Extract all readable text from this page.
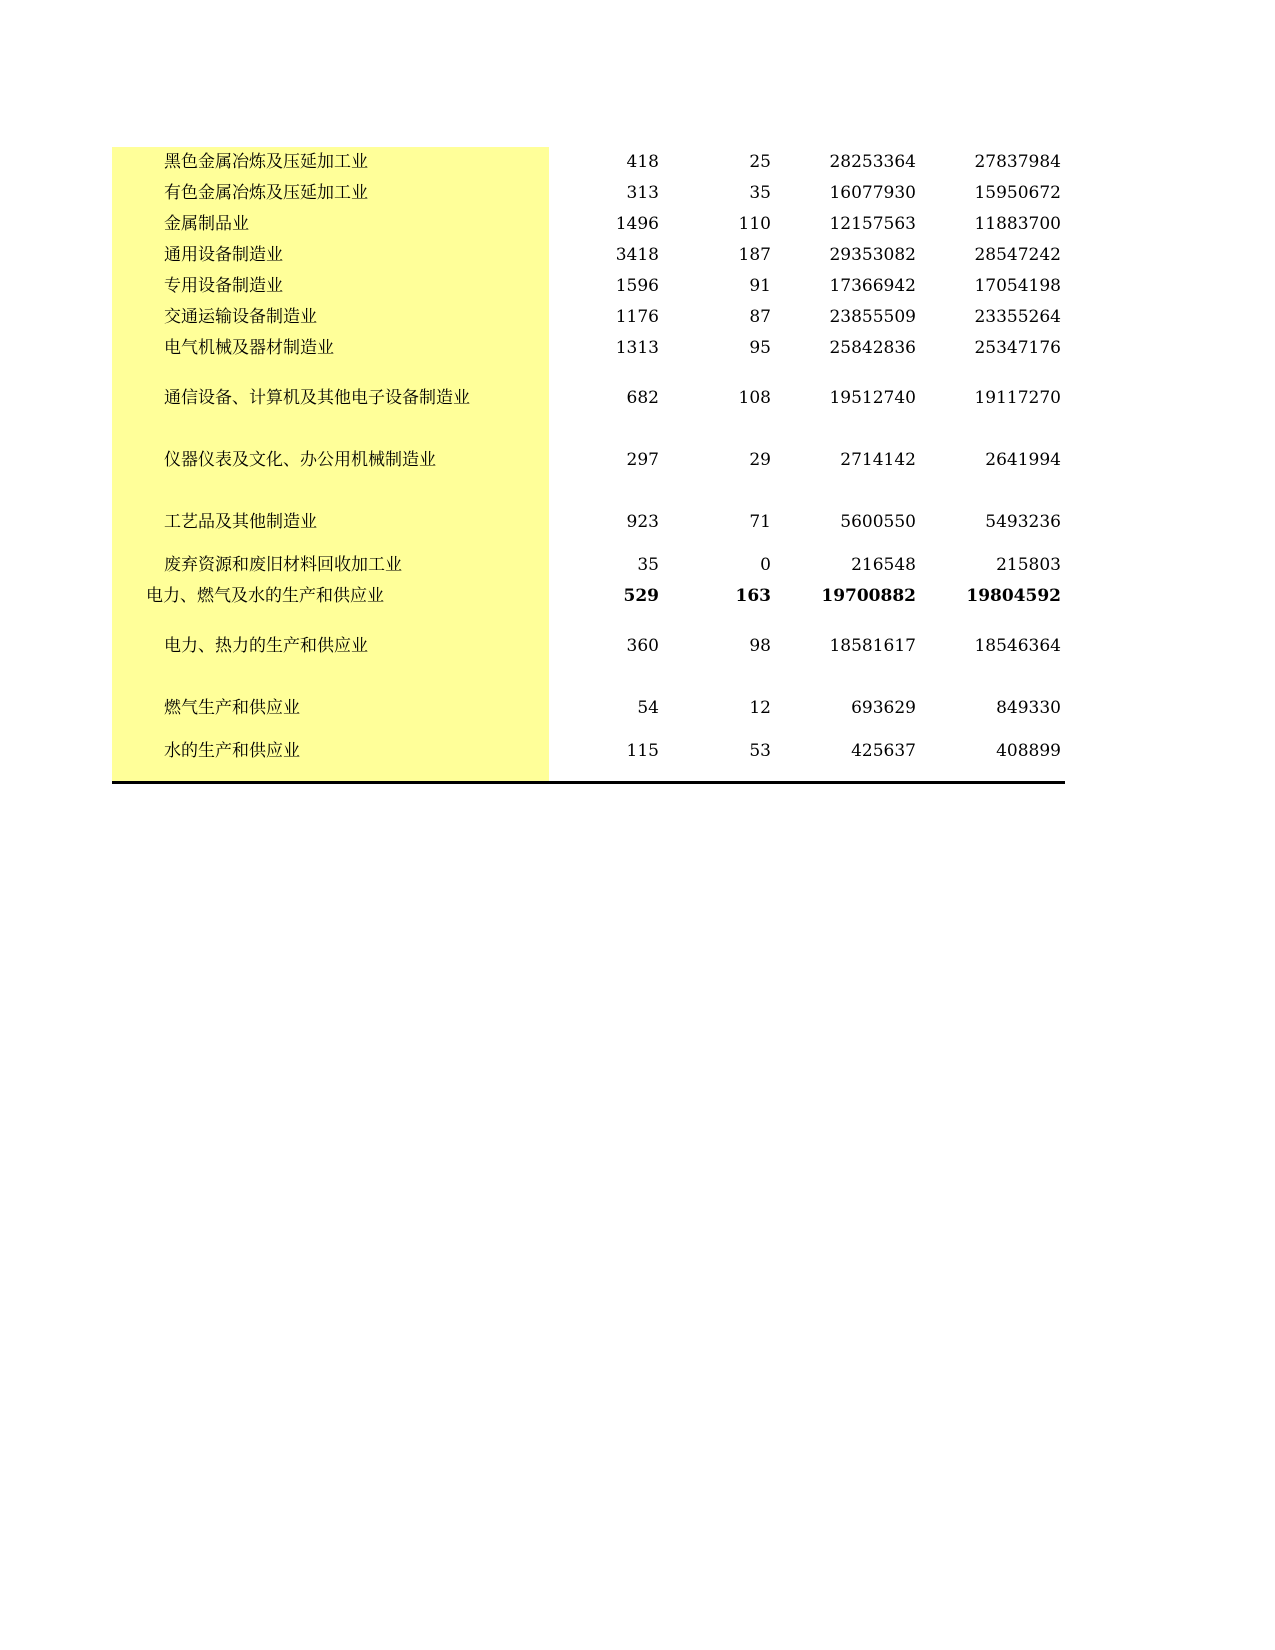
黑色金属冶炼及压延加工业	418	25	28253364	27837984
有色金属冶炼及压延加工业	313	35	16077930	15950672
金属制品业	1496	110	12157563	11883700
通用设备制造业	3418	187	29353082	28547242
专用设备制造业	1596	91	17366942	17054198
交通运输设备制造业	1176	87	23855509	23355264
电气机械及器材制造业	1313	95	25842836	25347176
通信设备、计算机及其他电子设备制造业	682	108	19512740	19117270
仪器仪表及文化、办公用机械制造业	297	29	2714142	2641994
工艺品及其他制造业	923	71	5600550	5493236
废弃资源和废旧材料回收加工业	35	0	216548	215803
电力、燃气及水的生产和供应业	529	163	19700882	19804592
电力、热力的生产和供应业	360	98	18581617	18546364
燃气生产和供应业	54	12	693629	849330
水的生产和供应业	115	53	425637	408899
